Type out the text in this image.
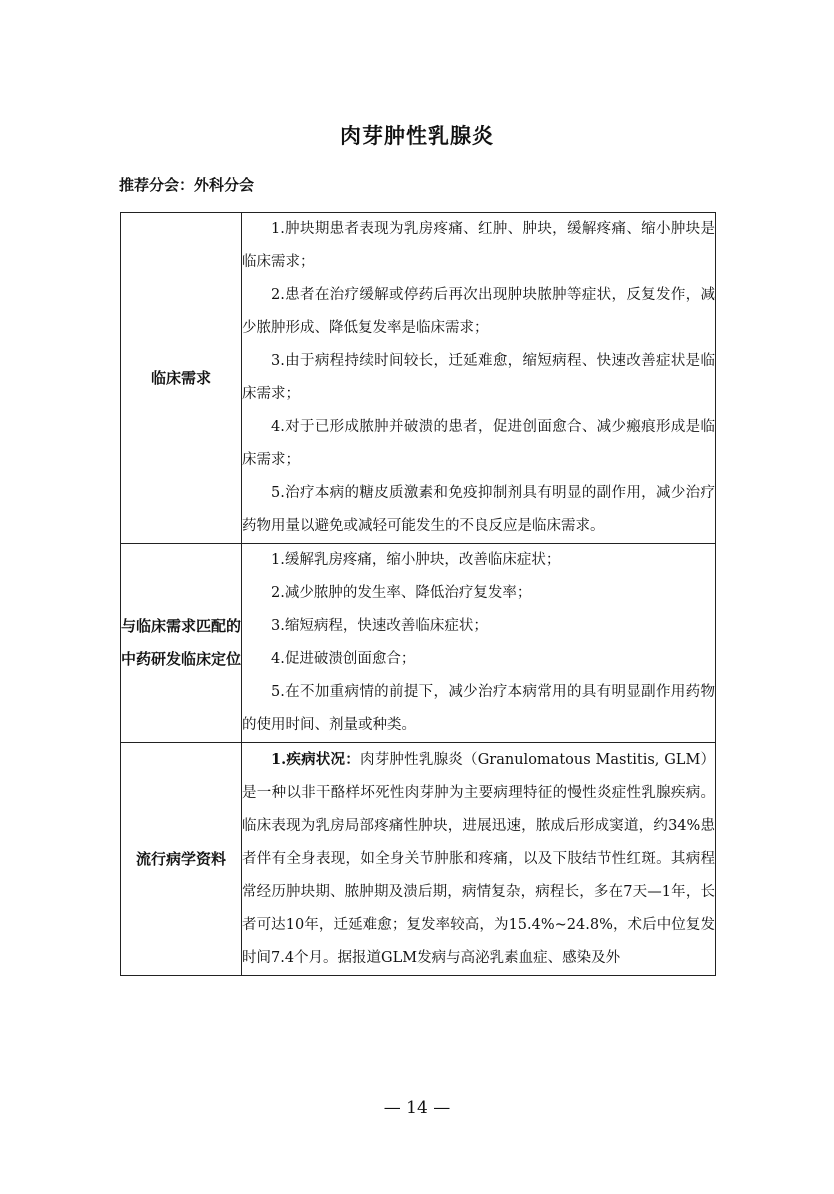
肉芽肿性乳腺炎
推荐分会：外科分会
临床需求	1.肿块期患者表现为乳房疼痛、红肿、肿块，缓解疼痛、缩小肿块是临床需求；

2.患者在治疗缓解或停药后再次出现肿块脓肿等症状，反复发作，减少脓肿形成、降低复发率是临床需求；

3.由于病程持续时间较长，迁延难愈，缩短病程、快速改善症状是临床需求；

4.对于已形成脓肿并破溃的患者，促进创面愈合、减少瘢痕形成是临床需求；

5.治疗本病的糖皮质激素和免疫抑制剂具有明显的副作用，减少治疗药物用量以避免或减轻可能发生的不良反应是临床需求。

与临床需求匹配的中药研发临床定位	1.缓解乳房疼痛，缩小肿块，改善临床症状；

2.减少脓肿的发生率、降低治疗复发率；

3.缩短病程，快速改善临床症状；

4.促进破溃创面愈合；

5.在不加重病情的前提下，减少治疗本病常用的具有明显副作用药物的使用时间、剂量或种类。

流行病学资料	1.疾病状况：肉芽肿性乳腺炎（Granulomatous Mastitis, GLM）是一种以非干酪样坏死性肉芽肿为主要病理特征的慢性炎症性乳腺疾病。临床表现为乳房局部疼痛性肿块，进展迅速，脓成后形成窦道，约34%患者伴有全身表现，如全身关节肿胀和疼痛，以及下肢结节性红斑。其病程常经历肿块期、脓肿期及溃后期，病情复杂，病程长，多在7天—1年，长者可达10年，迁延难愈；复发率较高，为15.4%~24.8%，术后中位复发时间7.4个月。据报道GLM发病与高泌乳素血症、感染及外

— 14 —
